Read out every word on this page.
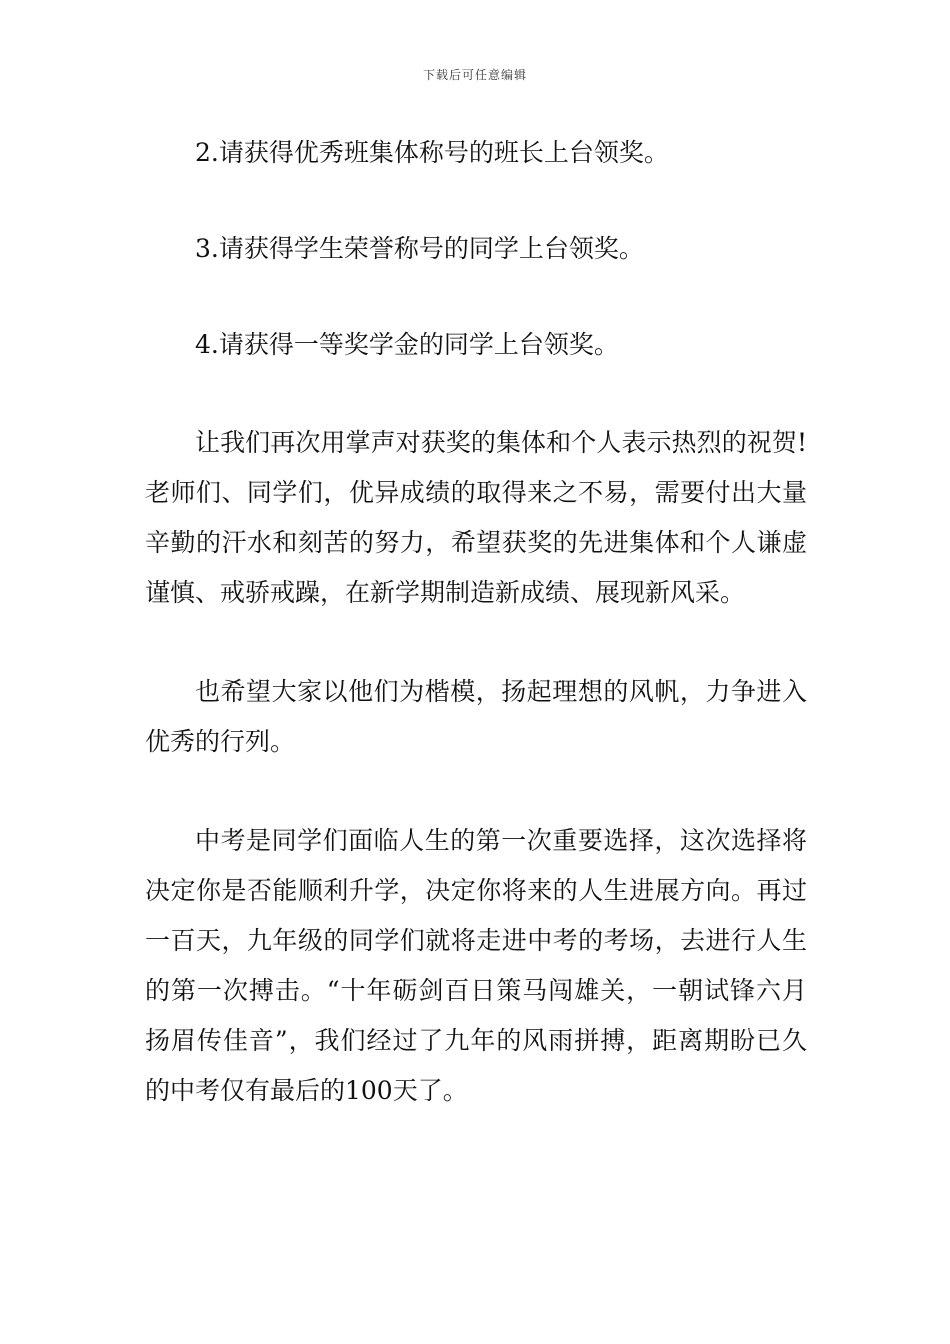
下载后可任意编辑

2.请获得优秀班集体称号的班长上台领奖。

3.请获得学生荣誉称号的同学上台领奖。

4.请获得一等奖学金的同学上台领奖。

让我们再次用掌声对获奖的集体和个人表示热烈的祝贺!老师们、同学们，优异成绩的取得来之不易，需要付出大量辛勤的汗水和刻苦的努力，希望获奖的先进集体和个人谦虚谨慎、戒骄戒躁，在新学期制造新成绩、展现新风采。

也希望大家以他们为楷模，扬起理想的风帆，力争进入优秀的行列。

中考是同学们面临人生的第一次重要选择，这次选择将决定你是否能顺利升学，决定你将来的人生进展方向。再过一百天，九年级的同学们就将走进中考的考场，去进行人生的第一次搏击。“十年砺剑百日策马闯雄关，一朝试锋六月扬眉传佳音”，我们经过了九年的风雨拼搏，距离期盼已久的中考仅有最后的100天了。
